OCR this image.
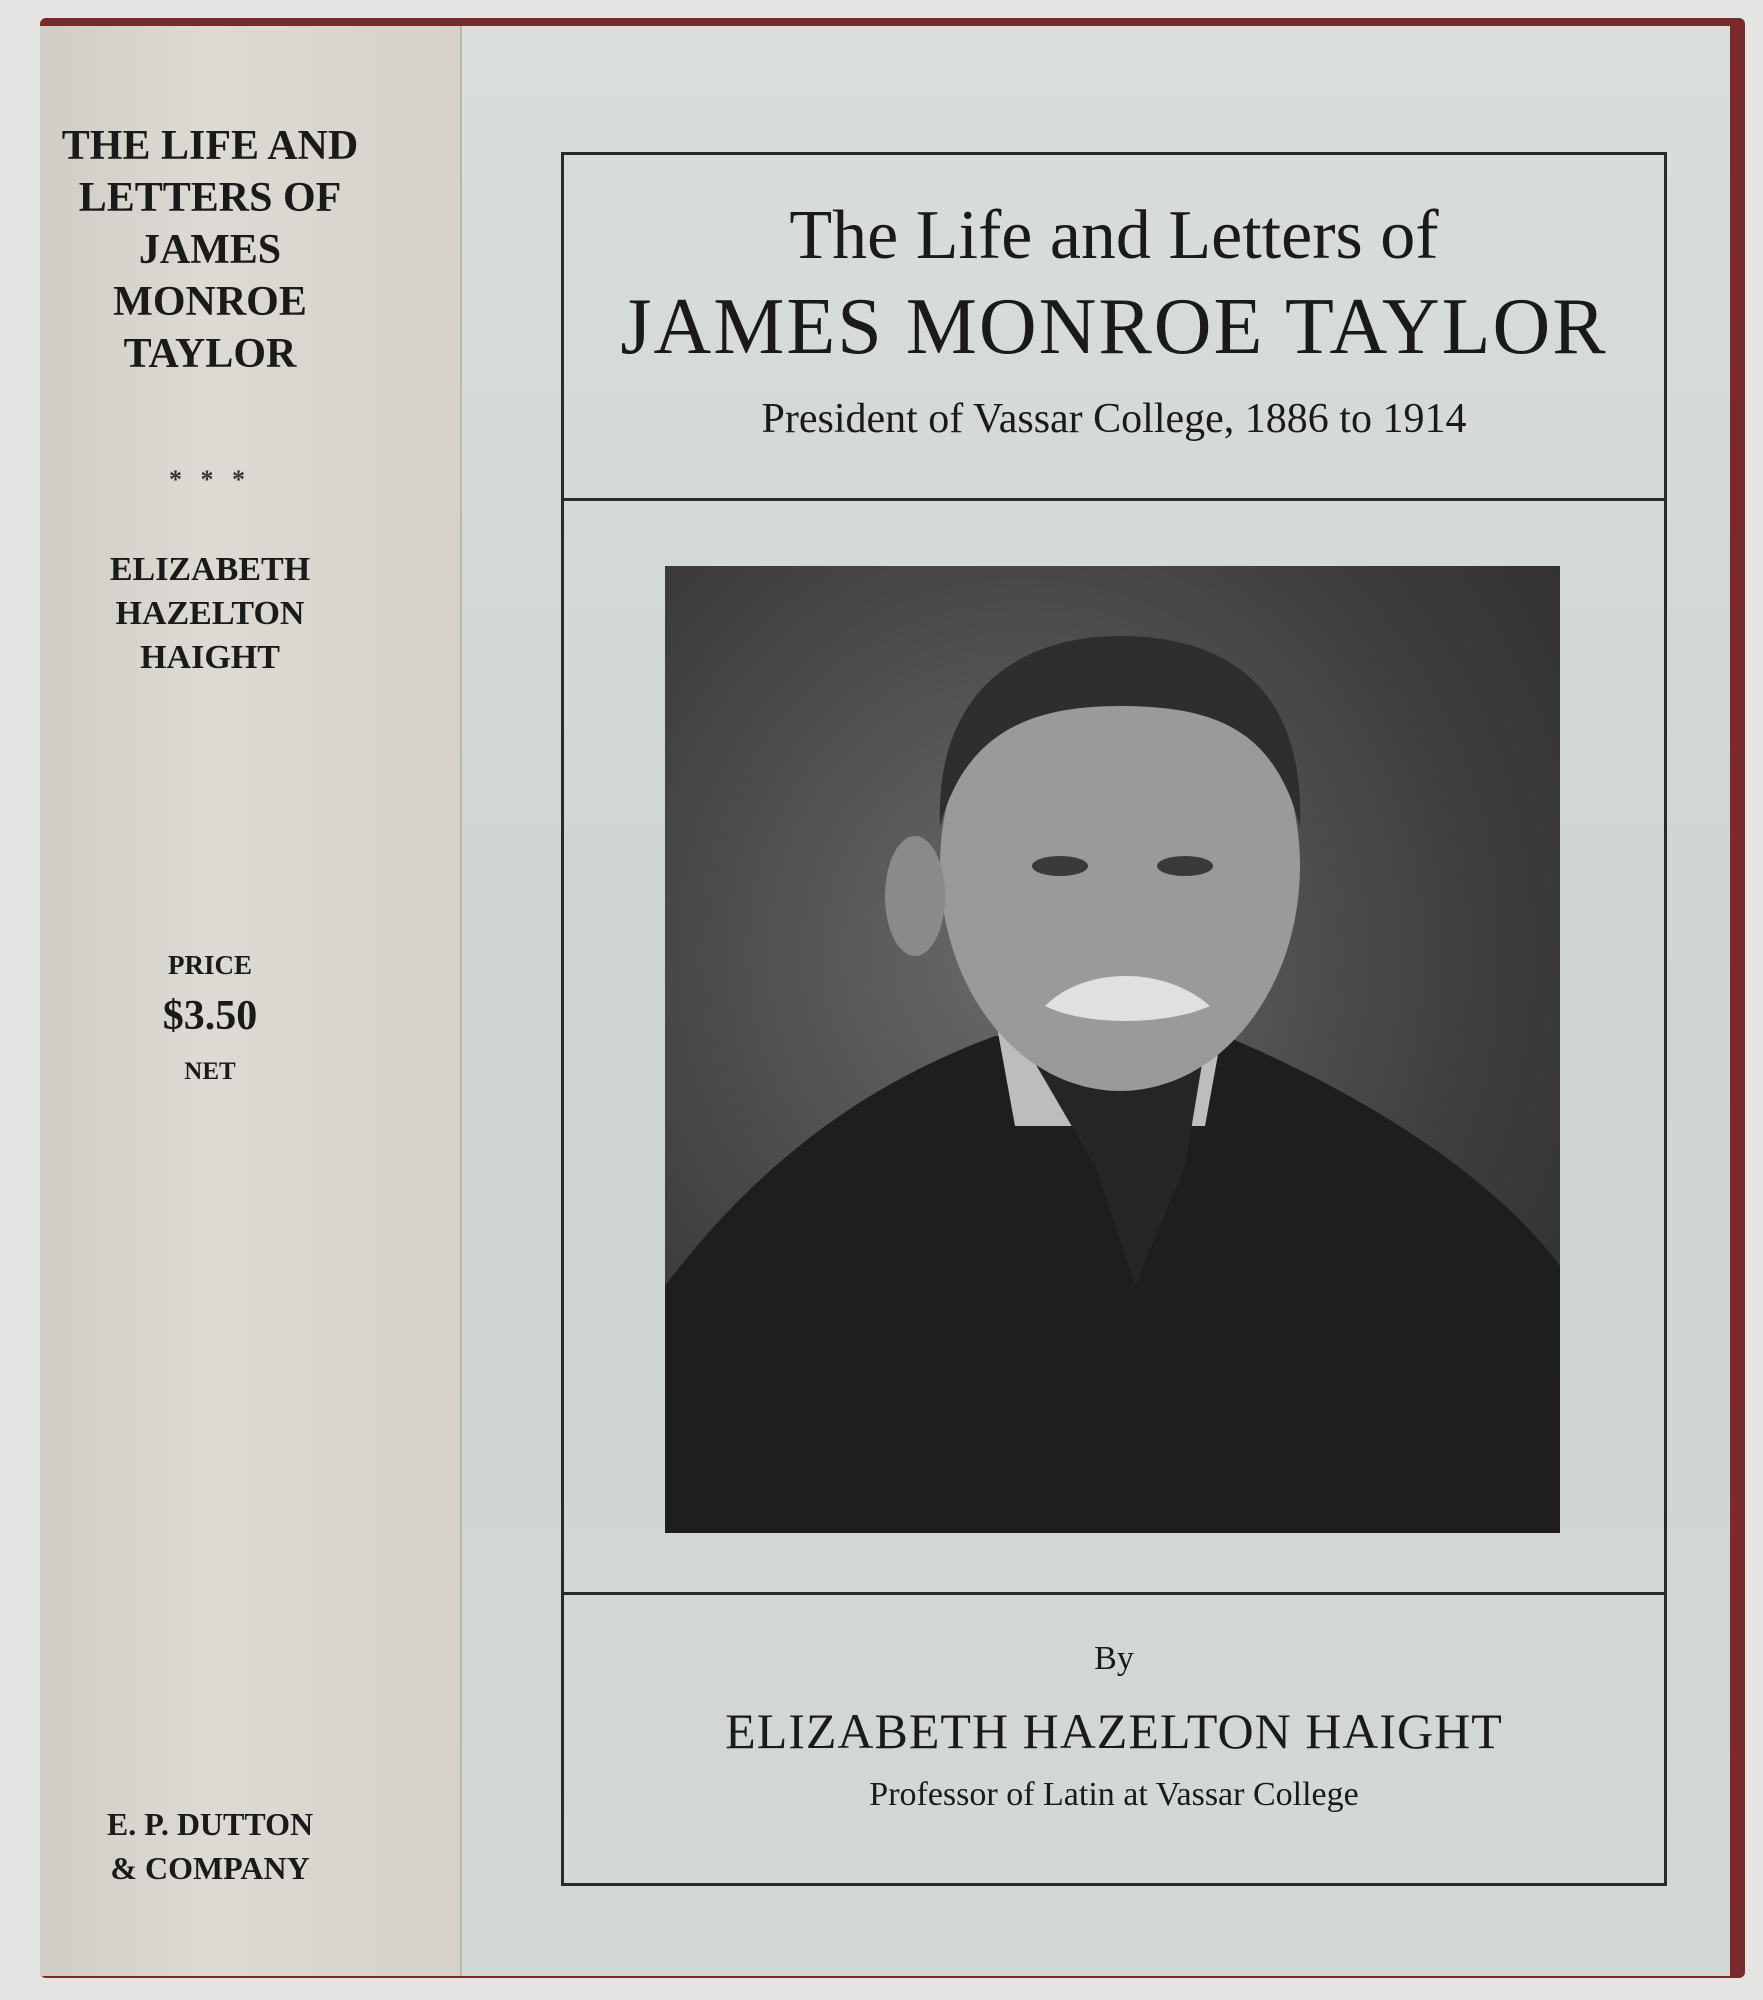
THE LIFE AND
LETTERS OF
JAMES
MONROE
TAYLOR
* * *
ELIZABETH
HAZELTON
HAIGHT
PRICE
$3.50
NET
E. P. DUTTON
& COMPANY
The Life and Letters of
JAMES MONROE TAYLOR
President of Vassar College, 1886 to 1914
By
ELIZABETH HAZELTON HAIGHT
Professor of Latin at Vassar College
